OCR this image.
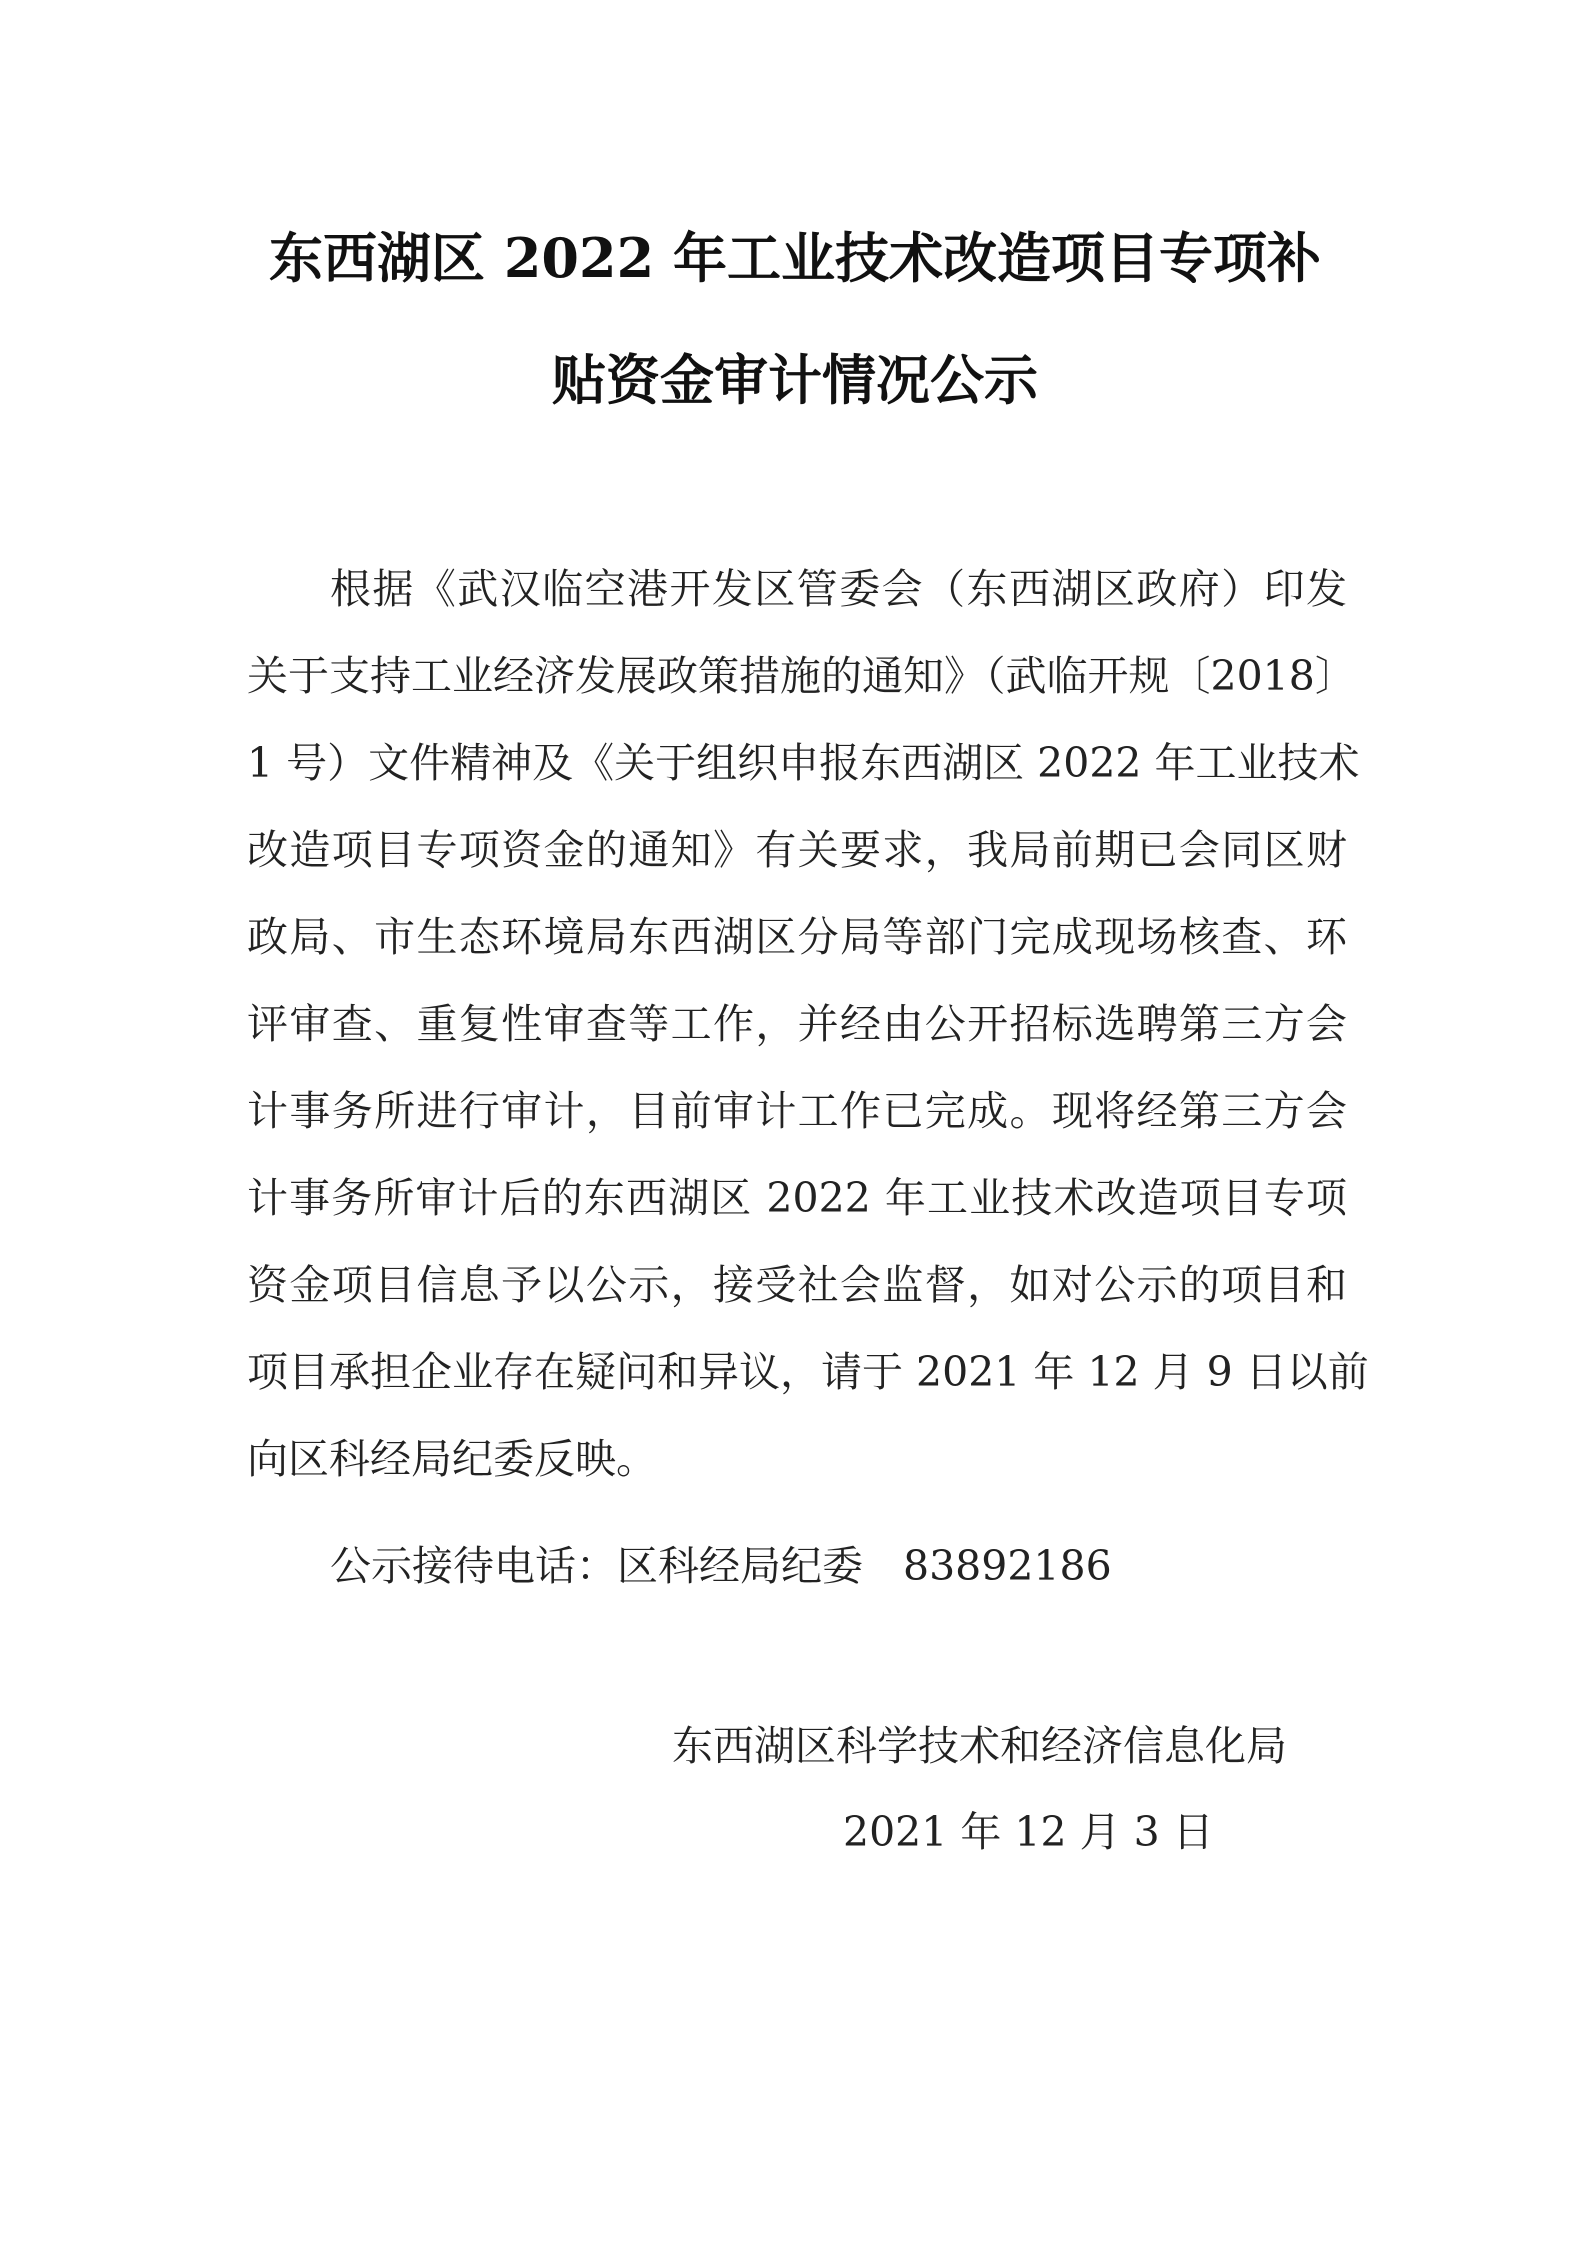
东西湖区 2022 年工业技术改造项目专项补
贴资金审计情况公示

根据《武汉临空港开发区管委会（东西湖区政府）印发

关于支持工业经济发展政策措施的通知》（武临开规〔2018〕

1 号）文件精神及《关于组织申报东西湖区 2022 年工业技术

改造项目专项资金的通知》有关要求，我局前期已会同区财

政局、市生态环境局东西湖区分局等部门完成现场核查、环

评审查、重复性审查等工作，并经由公开招标选聘第三方会

计事务所进行审计，目前审计工作已完成。现将经第三方会

计事务所审计后的东西湖区 2022 年工业技术改造项目专项

资金项目信息予以公示，接受社会监督，如对公示的项目和

项目承担企业存在疑问和异议，请于 2021 年 12 月 9 日以前

向区科经局纪委反映。

公示接待电话：区科经局纪委 83892186

东西湖区科学技术和经济信息化局

2021 年 12 月 3 日
